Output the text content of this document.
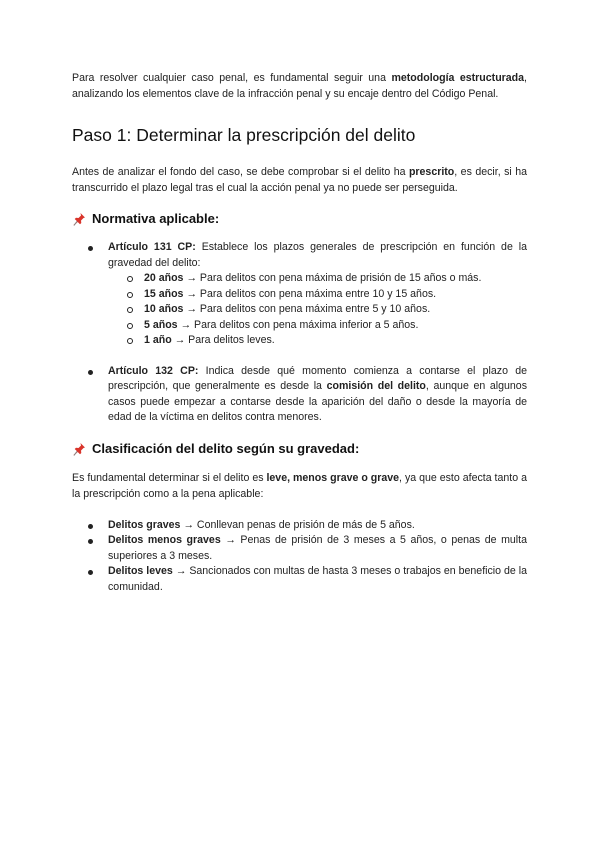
Para resolver cualquier caso penal, es fundamental seguir una metodología estructurada, analizando los elementos clave de la infracción penal y su encaje dentro del Código Penal.

Paso 1: Determinar la prescripción del delito

Antes de analizar el fondo del caso, se debe comprobar si el delito ha prescrito, es decir, si ha transcurrido el plazo legal tras el cual la acción penal ya no puede ser perseguida.

Normativa aplicable:
Artículo 131 CP: Establece los plazos generales de prescripción en función de la gravedad del delito:
20 años → Para delitos con pena máxima de prisión de 15 años o más.
15 años → Para delitos con pena máxima entre 10 y 15 años.
10 años → Para delitos con pena máxima entre 5 y 10 años.
5 años → Para delitos con pena máxima inferior a 5 años.
1 año → Para delitos leves.
Artículo 132 CP: Indica desde qué momento comienza a contarse el plazo de prescripción, que generalmente es desde la comisión del delito, aunque en algunos casos puede empezar a contarse desde la aparición del daño o desde la mayoría de edad de la víctima en delitos contra menores.
Clasificación del delito según su gravedad:

Es fundamental determinar si el delito es leve, menos grave o grave, ya que esto afecta tanto a la prescripción como a la pena aplicable:

Delitos graves → Conllevan penas de prisión de más de 5 años.
Delitos menos graves → Penas de prisión de 3 meses a 5 años, o penas de multa superiores a 3 meses.
Delitos leves → Sancionados con multas de hasta 3 meses o trabajos en beneficio de la comunidad.
